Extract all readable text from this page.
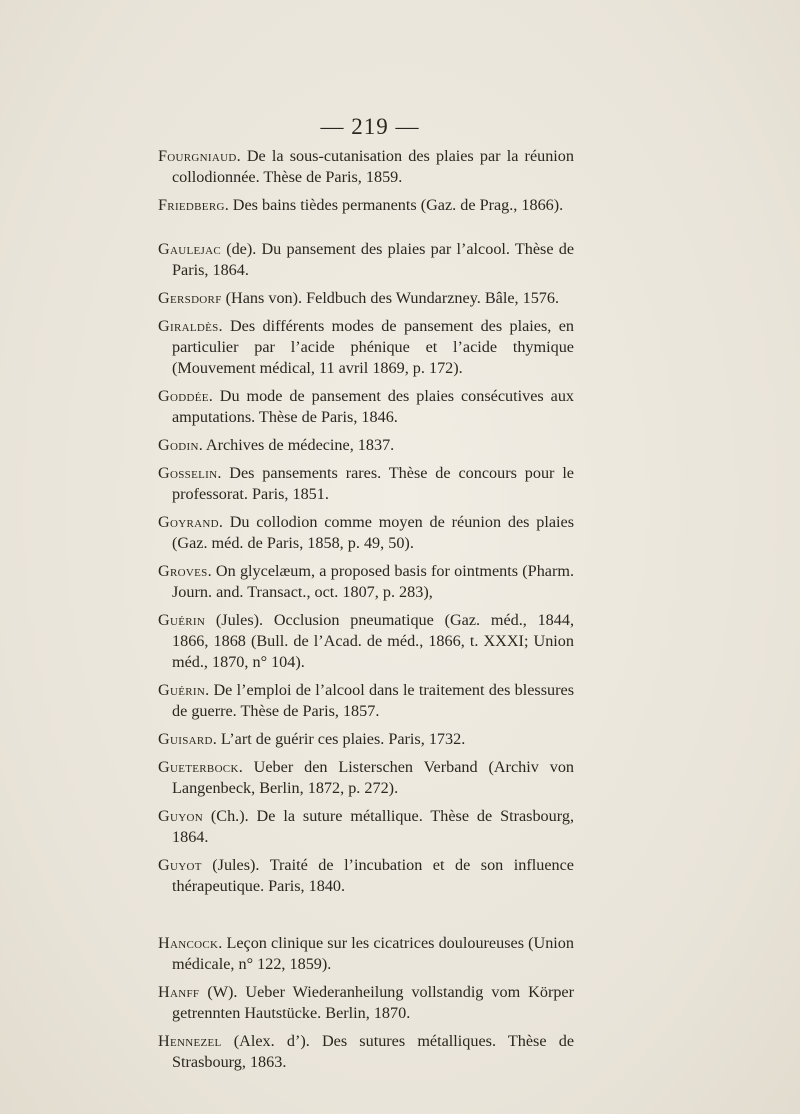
— 219 —

Fourgniaud. De la sous-cutanisation des plaies par la réunion collodionnée. Thèse de Paris, 1859.

Friedberg. Des bains tièdes permanents (Gaz. de Prag., 1866).

Gaulejac (de). Du pansement des plaies par l’alcool. Thèse de Paris, 1864.

Gersdorf (Hans von). Feldbuch des Wundarzney. Bâle, 1576.

Giraldès. Des différents modes de pansement des plaies, en particulier par l’acide phénique et l’acide thymique (Mouvement médical, 11 avril 1869, p. 172).

Goddée. Du mode de pansement des plaies consécutives aux amputations. Thèse de Paris, 1846.

Godin. Archives de médecine, 1837.

Gosselin. Des pansements rares. Thèse de concours pour le professorat. Paris, 1851.

Goyrand. Du collodion comme moyen de réunion des plaies (Gaz. méd. de Paris, 1858, p. 49, 50).

Groves. On glycelæum, a proposed basis for ointments (Pharm. Journ. and. Transact., oct. 1807, p. 283),

Guérin (Jules). Occlusion pneumatique (Gaz. méd., 1844, 1866, 1868 (Bull. de l’Acad. de méd., 1866, t. XXXI; Union méd., 1870, n° 104).

Guérin. De l’emploi de l’alcool dans le traitement des blessures de guerre. Thèse de Paris, 1857.

Guisard. L’art de guérir ces plaies. Paris, 1732.

Gueterbock. Ueber den Listerschen Verband (Archiv von Langenbeck, Berlin, 1872, p. 272).

Guyon (Ch.). De la suture métallique. Thèse de Strasbourg, 1864.

Guyot (Jules). Traité de l’incubation et de son influence thérapeutique. Paris, 1840.

Hancock. Leçon clinique sur les cicatrices douloureuses (Union médicale, n° 122, 1859).

Hanff (W). Ueber Wiederanheilung vollstandig vom Körper getrennten Hautstücke. Berlin, 1870.

Hennezel (Alex. d’). Des sutures métalliques. Thèse de Strasbourg, 1863.
